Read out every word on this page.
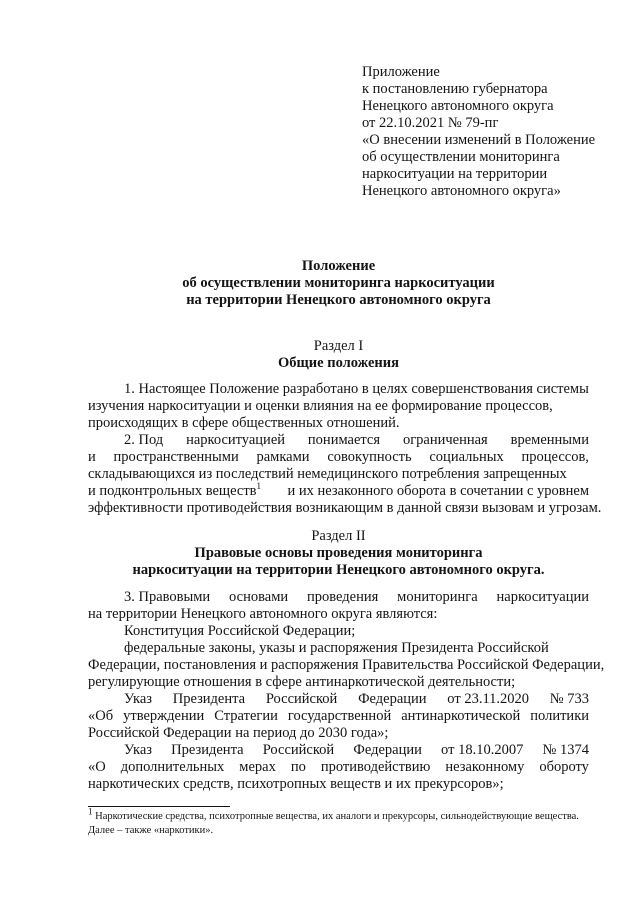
Приложение
к постановлению губернатора
Ненецкого автономного округа
от 22.10.2021 № 79-пг
«О внесении изменений в Положение
об осуществлении мониторинга
наркоситуации на территории
Ненецкого автономного округа»
Положение
об осуществлении мониторинга наркоситуации
на территории Ненецкого автономного округа
Раздел I
Общие положения
1. Настоящее Положение разработано в целях совершенствования системы
изучения наркоситуации и оценки влияния на ее формирование процессов,
происходящих в сфере общественных отношений.
2. Под наркоситуацией понимается ограниченная временными
и пространственными рамками совокупность социальных процессов,
складывающихся из последствий немедицинского потребления запрещенных
и подконтрольных веществ$^1$ и их незаконного оборота в сочетании с уровнем
эффективности противодействия возникающим в данной связи вызовам и угрозам.
Раздел II
Правовые основы проведения мониторинга
наркоситуации на территории Ненецкого автономного округа.
3. Правовыми основами проведения мониторинга наркоситуации
на территории Ненецкого автономного округа являются:
Конституция Российской Федерации;
федеральные законы, указы и распоряжения Президента Российской
Федерации, постановления и распоряжения Правительства Российской Федерации,
регулирующие отношения в сфере антинаркотической деятельности;
Указ Президента Российской Федерации от 23.11.2020 № 733
«Об утверждении Стратегии государственной антинаркотической политики
Российской Федерации на период до 2030 года»;
Указ Президента Российской Федерации от 18.10.2007 № 1374
«О дополнительных мерах по противодействию незаконному обороту
наркотических средств, психотропных веществ и их прекурсоров»;
$^1$ Наркотические средства, психотропные вещества, их аналоги и прекурсоры, сильнодействующие вещества.
Далее – также «наркотики».
